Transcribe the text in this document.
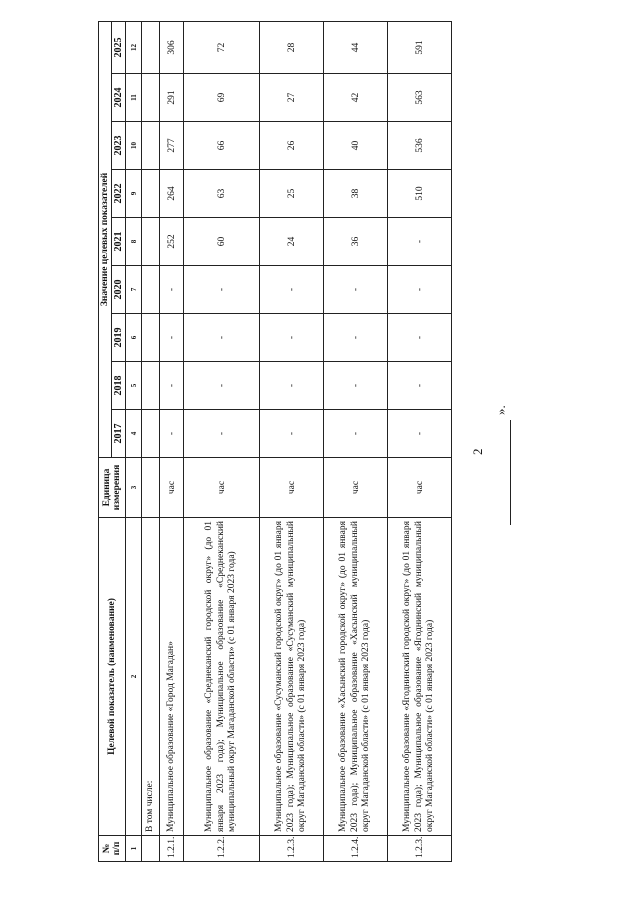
2
№ п/п	Целевой показатель (наименование)	Единица измерения	Значение целевых показателей								
			2017	2018	2019	2020	2021	2022	2023	2024	2025
1	2	3	4	5	6	7	8	9	10	11	12
	В том числе:										
1.2.1.	Муниципальное образование «Город Магадан»	час	-	-	-	-	252	264	277	291	306
1.2.2.	Муниципальное образование «Среднеканский городской округ» (до 01 января 2023 года); Муниципальное образование «Среднеканский муниципальный округ Магаданской области» (с 01 января 2023 года)	час	-	-	-	-	60	63	66	69	72
1.2.3.	Муниципальное образование «Сусуманский городской округ» (до 01 января 2023 года); Муниципальное образование «Сусуманский муниципальный округ Магаданской области» (с 01 января 2023 года)	час	-	-	-	-	24	25	26	27	28
1.2.4.	Муниципальное образование «Хасынский городской округ» (до 01 января 2023 года); Муниципальное образование «Хасынский муниципальный округ Магаданской области» (с 01 января 2023 года)	час	-	-	-	-	36	38	40	42	44
1.2.3.	Муниципальное образование «Ягоднинский городской округ» (до 01 января 2023 года); Муниципальное образование «Ягоднинский муниципальный округ Магаданской области» (с 01 января 2023 года)	час	-	-	-	-	-	510	536	563	591
».
